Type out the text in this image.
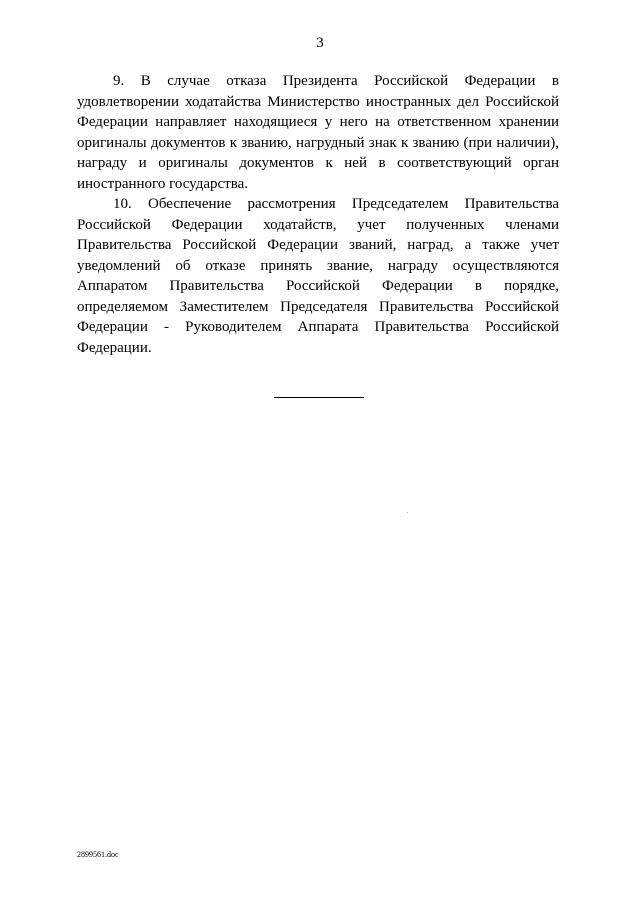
3

9. В случае отказа Президента Российской Федерации в удовлетворении ходатайства Министерство иностранных дел Российской Федерации направляет находящиеся у него на ответственном хранении оригиналы документов к званию, нагрудный знак к званию (при наличии), награду и оригиналы документов к ней в соответствующий орган иностранного государства.

10. Обеспечение рассмотрения Председателем Правительства Российской Федерации ходатайств, учет полученных членами Правительства Российской Федерации званий, наград, а также учет уведомлений об отказе принять звание, награду осуществляются Аппаратом Правительства Российской Федерации в порядке, определяемом Заместителем Председателя Правительства Российской Федерации - Руководителем Аппарата Правительства Российской Федерации.

2899561.doc
